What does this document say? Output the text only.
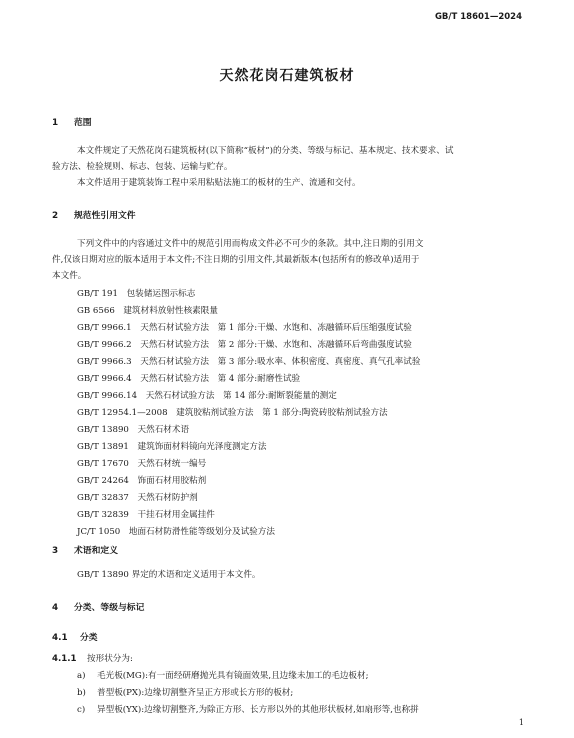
GB/T 18601—2024
天然花岗石建筑板材
1 范围
本文件规定了天然花岗石建筑板材(以下简称“板材”)的分类、等级与标记、基本规定、技术要求、试
验方法、检验规则、标志、包装、运输与贮存。
本文件适用于建筑装饰工程中采用粘贴法施工的板材的生产、流通和交付。
2 规范性引用文件
下列文件中的内容通过文件中的规范引用而构成文件必不可少的条款。其中,注日期的引用文
件,仅该日期对应的版本适用于本文件;不注日期的引用文件,其最新版本(包括所有的修改单)适用于
本文件。
GB/T 191　 包装储运图示标志
GB 6566　 建筑材料放射性核素限量
GB/T 9966.1　 天然石材试验方法　第 1 部分:干燥、水饱和、冻融循环后压缩强度试验
GB/T 9966.2　 天然石材试验方法　第 2 部分:干燥、水饱和、冻融循环后弯曲强度试验
GB/T 9966.3　 天然石材试验方法　第 3 部分:吸水率、体积密度、真密度、真气孔率试验
GB/T 9966.4　 天然石材试验方法　第 4 部分:耐磨性试验
GB/T 9966.14　 天然石材试验方法　第 14 部分:耐断裂能量的测定
GB/T 12954.1—2008　 建筑胶粘剂试验方法　第 1 部分:陶瓷砖胶粘剂试验方法
GB/T 13890　 天然石材术语
GB/T 13891　 建筑饰面材料镜向光泽度测定方法
GB/T 17670　 天然石材统一编号
GB/T 24264　 饰面石材用胶粘剂
GB/T 32837　 天然石材防护剂
GB/T 32839　 干挂石材用金属挂件
JC/T 1050　 地面石材防滑性能等级划分及试验方法
3 术语和定义
GB/T 13890 界定的术语和定义适用于本文件。
4 分类、等级与标记
4.1 分类
4.1.1 按形状分为:
a) 毛光板(MG):有一面经研磨抛光具有镜面效果,且边缘未加工的毛边板材;
b) 普型板(PX):边缘切割整齐呈正方形或长方形的板材;
c) 异型板(YX):边缘切割整齐,为除正方形、长方形以外的其他形状板材,如扇形等,也称拼
1
